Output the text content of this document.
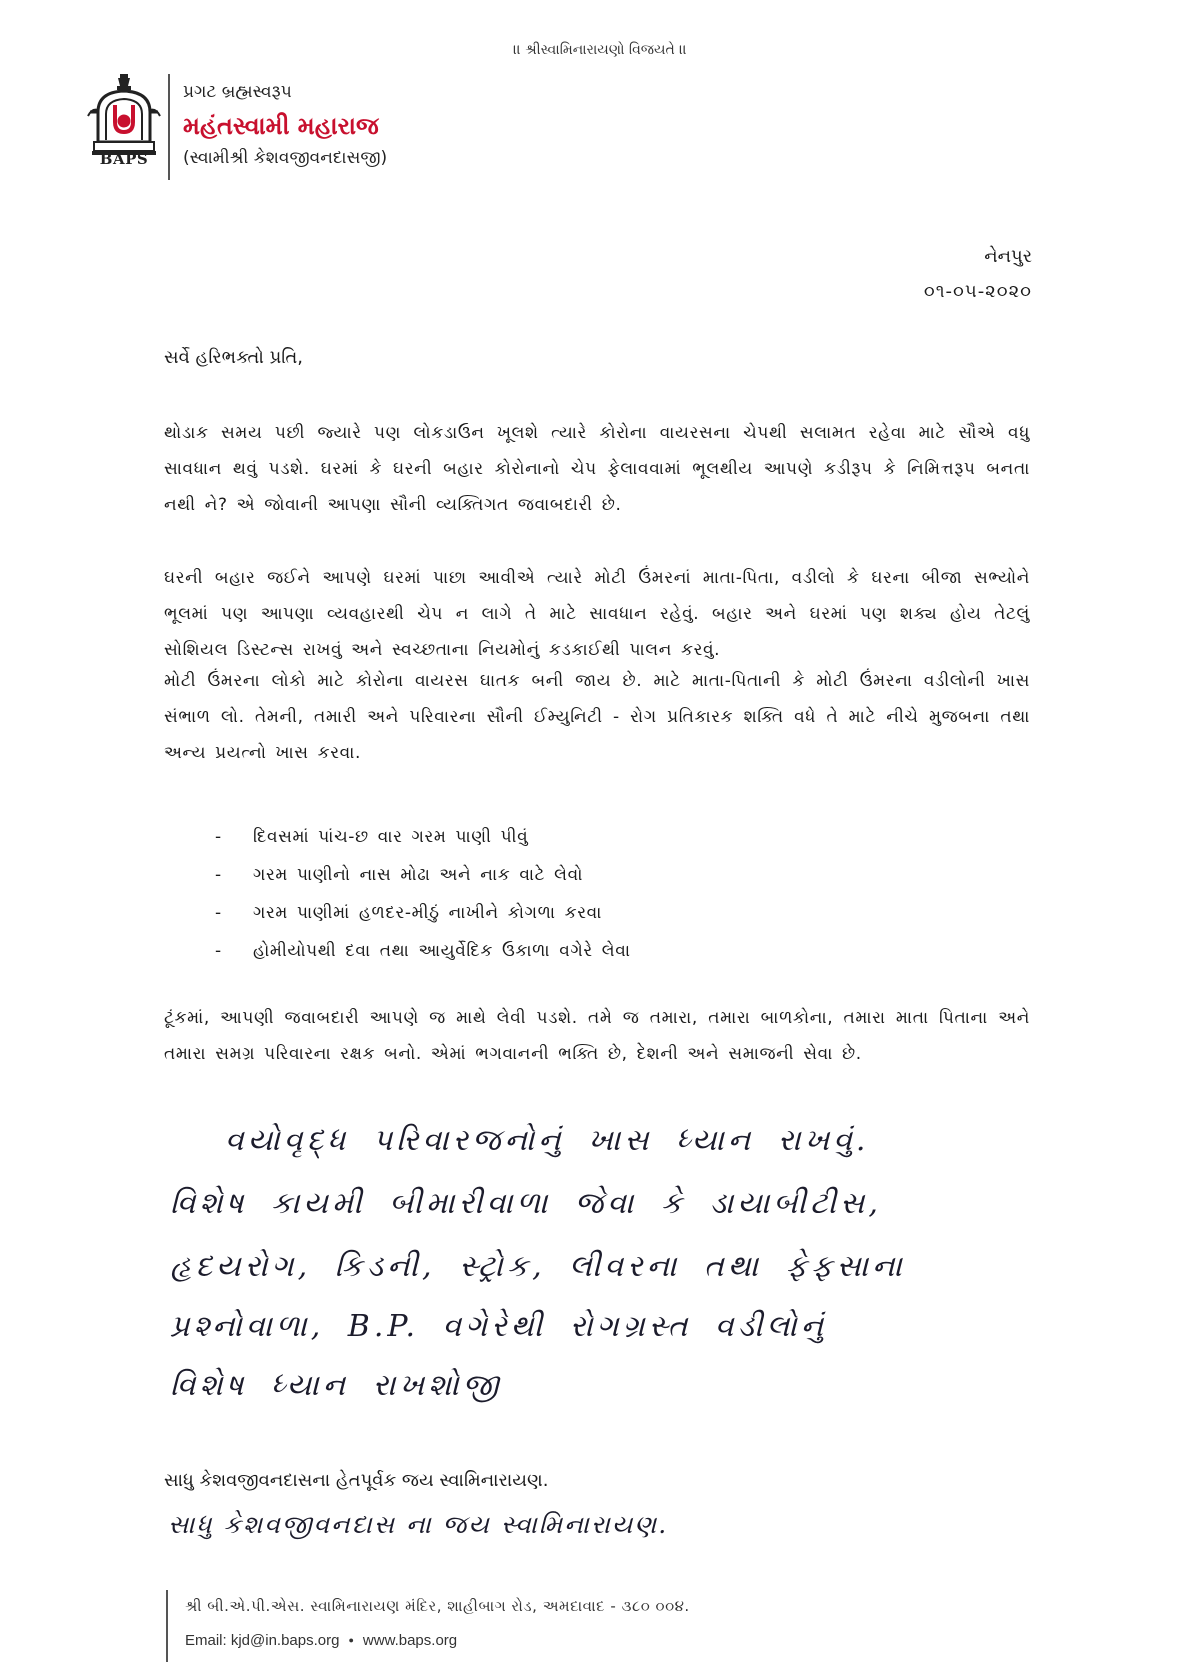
।। શ્રીસ્વામિનારાયણો વિજયતે ।।
BAPS
પ્રગટ બ્રહ્મસ્વરૂપ
મહંતસ્વામી મહારાજ
(સ્વામીશ્રી કેશવજીવનદાસજી)
નેનપુર
૦૧-૦૫-૨૦૨૦
સર્વે હરિભક્તો પ્રતિ,
થોડાક સમય પછી જ્યારે પણ લોકડાઉન ખૂલશે ત્યારે કોરોના વાયરસના ચેપથી સલામત રહેવા માટે સૌએ વધુ સાવધાન થવું પડશે. ઘરમાં કે ઘરની બહાર કોરોનાનો ચેપ ફેલાવવામાં ભૂલથીય આપણે કડીરૂપ કે નિમિત્તરૂપ બનતા નથી ને? એ જોવાની આપણા સૌની વ્યક્તિગત જવાબદારી છે.
ઘરની બહાર જઈને આપણે ઘરમાં પાછા આવીએ ત્યારે મોટી ઉંમરનાં માતા-પિતા, વડીલો કે ઘરના બીજા સભ્યોને ભૂલમાં પણ આપણા વ્યવહારથી ચેપ ન લાગે તે માટે સાવધાન રહેવું. બહાર અને ઘરમાં પણ શક્ય હોય તેટલું સોશિયલ ડિસ્ટન્સ રાખવું અને સ્વચ્છતાના નિયમોનું કડકાઈથી પાલન કરવું.
મોટી ઉંમરના લોકો માટે કોરોના વાયરસ ઘાતક બની જાય છે. માટે માતા-પિતાની કે મોટી ઉંમરના વડીલોની ખાસ સંભાળ લો. તેમની, તમારી અને પરિવારના સૌની ઈમ્યુનિટી - રોગ પ્રતિકારક શક્તિ વધે તે માટે નીચે મુજબના તથા અન્ય પ્રયત્નો ખાસ કરવા.
- દિવસમાં પાંચ-છ વાર ગરમ પાણી પીવું
- ગરમ પાણીનો નાસ મોઢા અને નાક વાટે લેવો
- ગરમ પાણીમાં હળદર-મીઠું નાખીને કોગળા કરવા
- હોમીયોપથી દવા તથા આયુર્વેદિક ઉકાળા વગેરે લેવા
ટૂંકમાં, આપણી જવાબદારી આપણે જ માથે લેવી પડશે. તમે જ તમારા, તમારા બાળકોના, તમારા માતા પિતાના અને તમારા સમગ્ર પરિવારના રક્ષક બનો. એમાં ભગવાનની ભક્તિ છે, દેશની અને સમાજની સેવા છે.
વયોવૃદ્ધ પરિવારજનોનું ખાસ ધ્યાન રાખવું.
વિશેષ કાયમી બીમારીવાળા જેવા કે ડાયાબીટીસ,
હૃદયરોગ, કિડની, સ્ટ્રોક, લીવરના તથા ફેફસાના
પ્રશ્નોવાળા, B.P. વગેરેથી રોગગ્રસ્ત વડીલોનું
વિશેષ ધ્યાન રાખશોજી
સાધુ કેશવજીવનદાસના હેતપૂર્વક જય સ્વામિનારાયણ.
સાધુ કેશવજીવનદાસ ના જય સ્વામિનારાયણ.
શ્રી બી.એ.પી.એસ. સ્વામિનારાયણ મંદિર, શાહીબાગ રોડ, અમદાવાદ - ૩૮૦ ૦૦૪.
Email: kjd@in.baps.org ● www.baps.org
